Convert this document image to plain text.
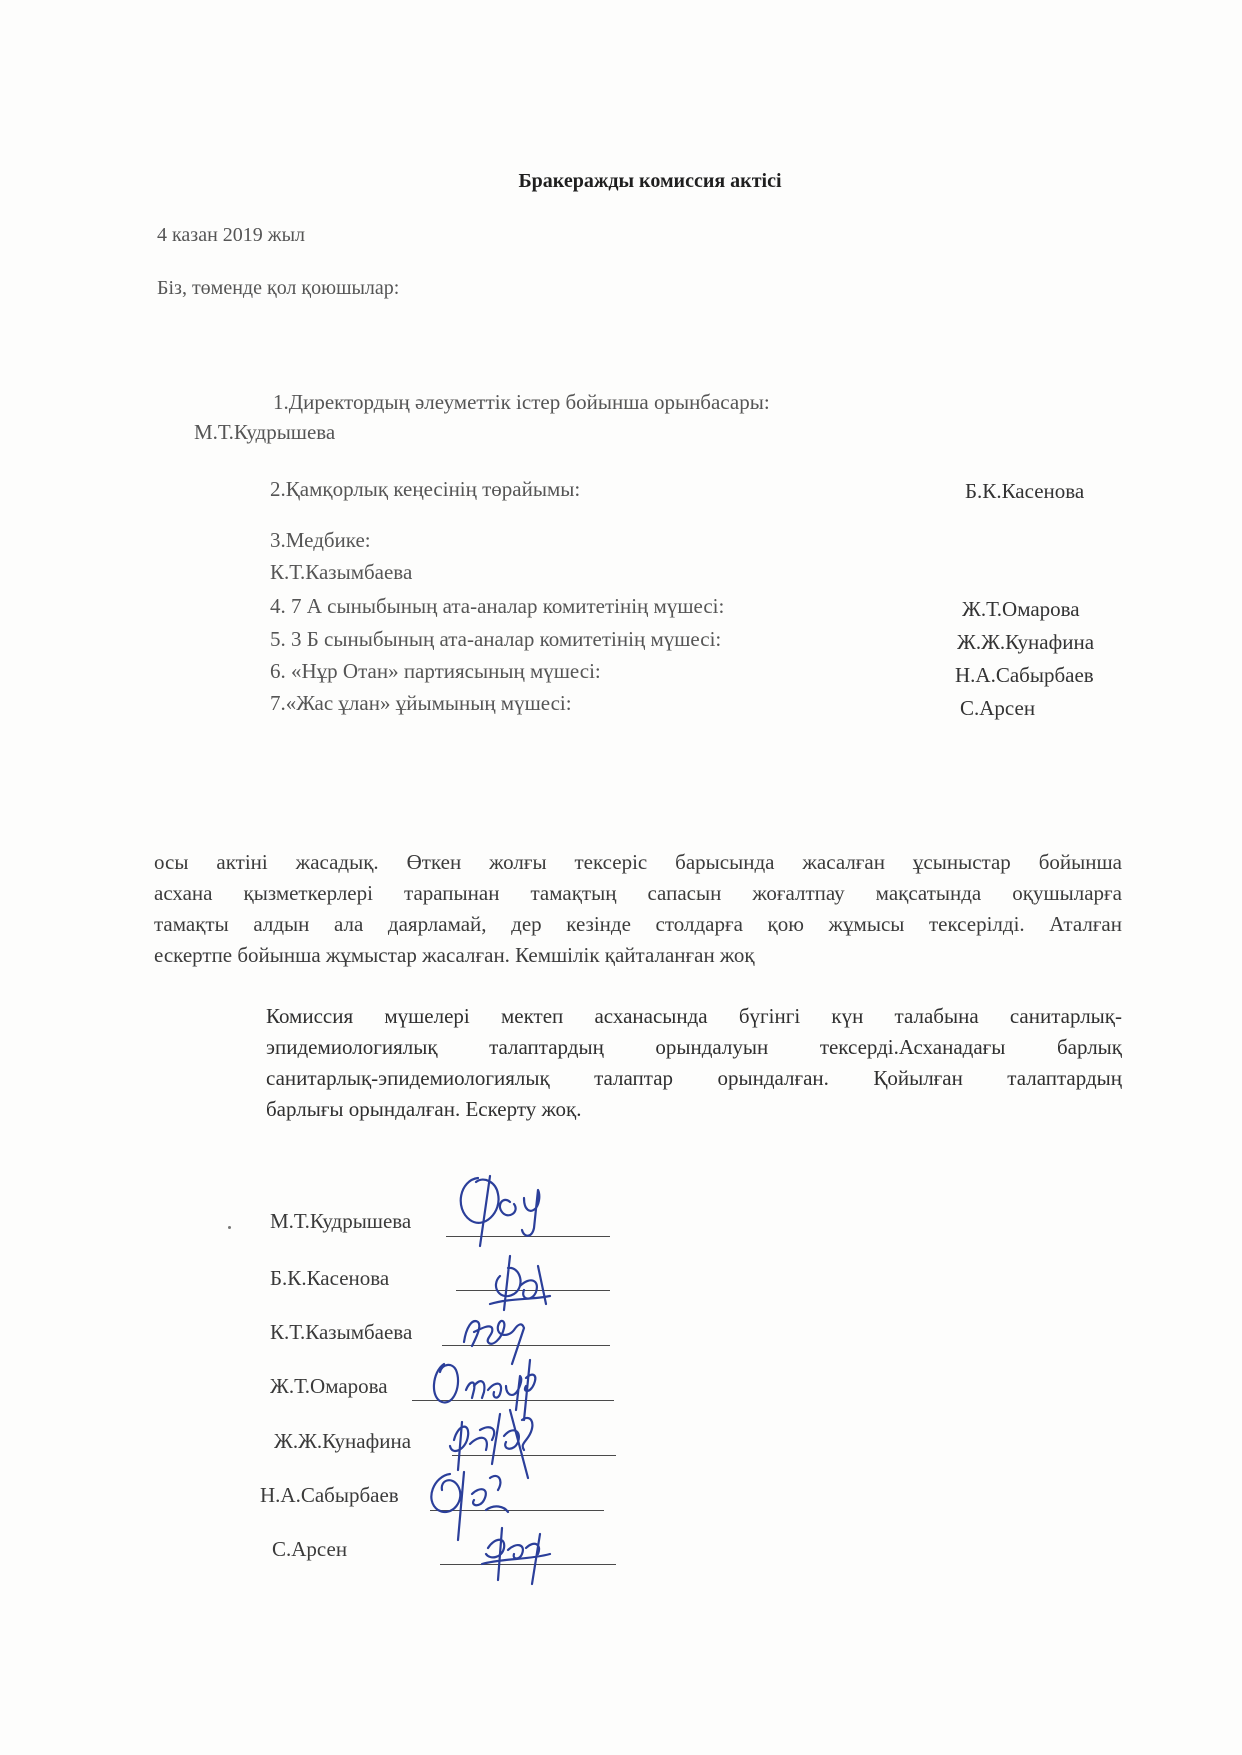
Бракеражды комиссия актісі
4 казан 2019 жыл
Біз, төменде қол қоюшылар:
1.Директордың әлеуметтік істер бойынша орынбасары:
М.Т.Кудрышева
2.Қамқорлық кеңесінің төрайымы:	Б.К.Касенова
3.Медбике:
К.Т.Казымбаева
4. 7 А сыныбының ата-аналар комитетінің мүшесі:	Ж.Т.Омарова
5. 3 Б сыныбының ата-аналар комитетінің мүшесі:	Ж.Ж.Кунафина
6. «Нұр Отан» партиясының мүшесі:	Н.А.Сабырбаев
7.«Жас ұлан» ұйымының мүшесі:	С.Арсен
осы актіні жасадық. Өткен жолғы тексеріс барысында жасалған ұсыныстар бойынша
асхана қызметкерлері тарапынан тамақтың сапасын жоғалтпау мақсатында оқушыларға
тамақты алдын ала даярламай, дер кезінде столдарға қою жұмысы тексерілді. Аталған
ескертпе бойынша жұмыстар жасалған. Кемшілік қайталанған жоқ
Комиссия мүшелері мектеп асханасында бүгінгі күн талабына санитарлық-
эпидемиологиялық талаптардың орындалуын тексерді.Асханадағы барлық
санитарлық-эпидемиологиялық талаптар орындалған. Қойылған талаптардың
барлығы орындалған. Ескерту жоқ.
М.Т.Кудрышева
Б.К.Касенова
К.Т.Казымбаева
Ж.Т.Омарова
Ж.Ж.Кунафина
Н.А.Сабырбаев
С.Арсен
